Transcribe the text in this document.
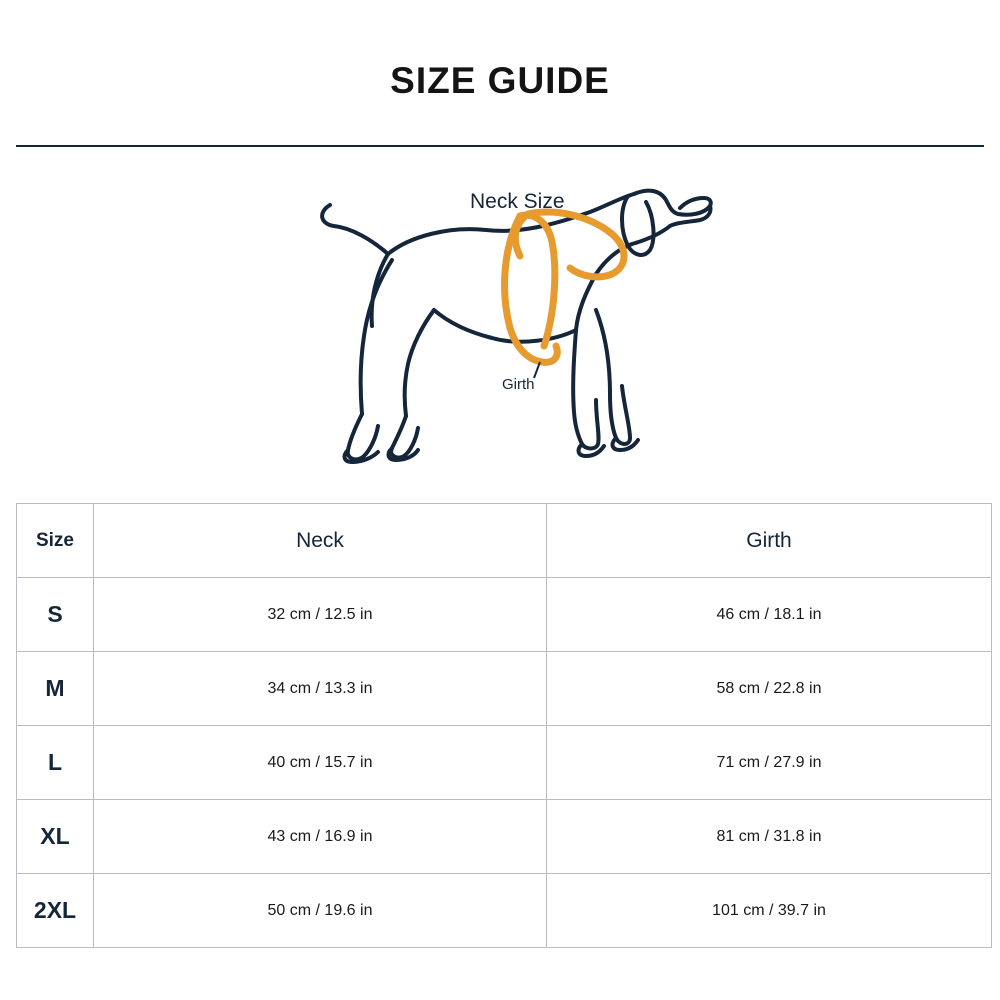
SIZE GUIDE
Neck Size
Girth
Size	Neck	Girth
S	32 cm / 12.5 in	46 cm / 18.1 in
M	34 cm / 13.3 in	58 cm / 22.8 in
L	40 cm / 15.7 in	71 cm / 27.9 in
XL	43 cm / 16.9 in	81 cm / 31.8 in
2XL	50 cm / 19.6 in	101 cm / 39.7 in
